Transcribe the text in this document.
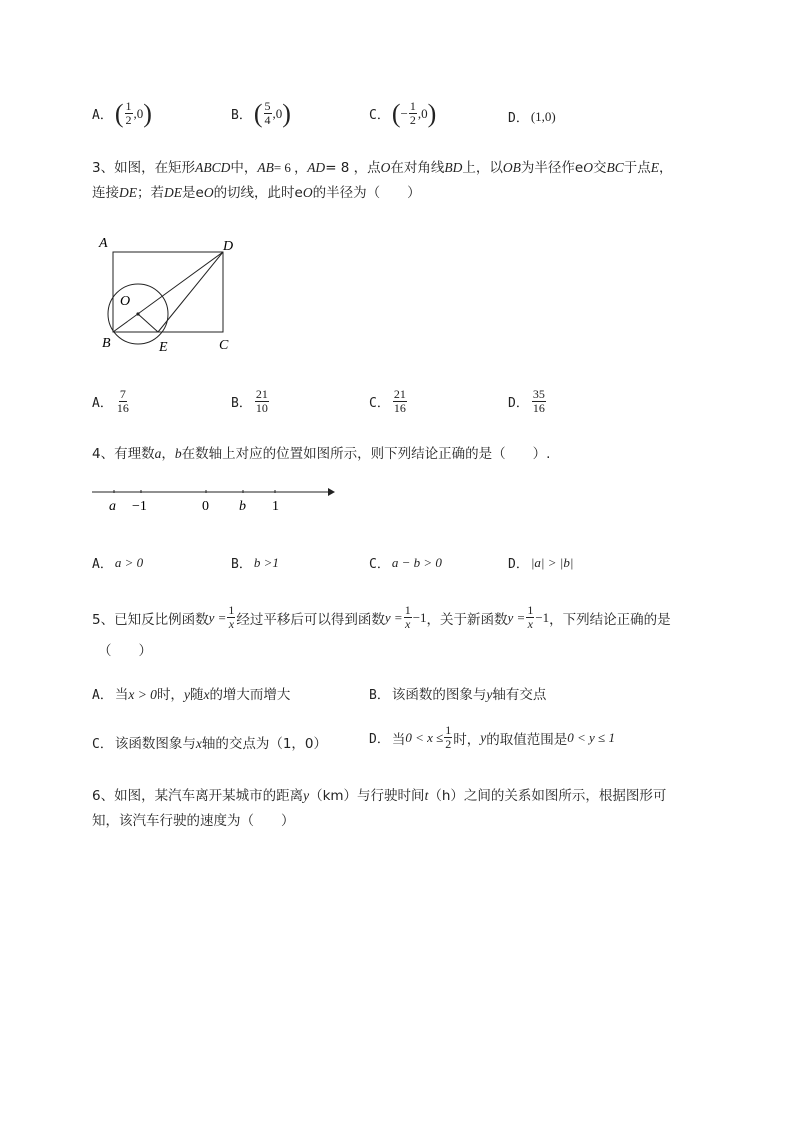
A． ( $\frac{1}{2} ,0$ )	B． ( $\frac{5}{4} ,0$ )	C． ( − $\frac{1}{2} ,0$ )	D． (1,0)
3、如图，在矩形ABCD中，AB= 6 ，AD= 8 ，点O在对角线BD上，以OB为半径作eO交BC于点E，
连接DE；若DE是eO的切线，此时eO的半径为（　　）
A	D
O
B	E	C
A． $\frac{7}{16}$	B． $\frac{21}{10}$	C． $\frac{21}{16}$	D． $\frac{35}{16}$
4、有理数a，b在数轴上对应的位置如图所示，则下列结论正确的是（　　）.
a −1	0 b 1
A． a > 0	B． b >1	C． a − b > 0	D． |a| > |b|
5、已知反比例函数 $y = \frac{1}{x}$ 经过平移后可以得到函数 $y = \frac{1}{x} -1$ ，关于新函数 $y = \frac{1}{x} -1$ ，下列结论正确的是
（　　）
A． 当x > 0时，y随x的增大而增大	B． 该函数的图象与y轴有交点
C． 该函数图象与x轴的交点为（1，0）	D． 当 $0 < x \le \frac{1}{2}$ 时， y 的取值范围是 0 < y ≤ 1
6、如图，某汽车离开某城市的距离y（km）与行驶时间t（h）之间的关系如图所示，根据图形可
知，该汽车行驶的速度为（　　）
